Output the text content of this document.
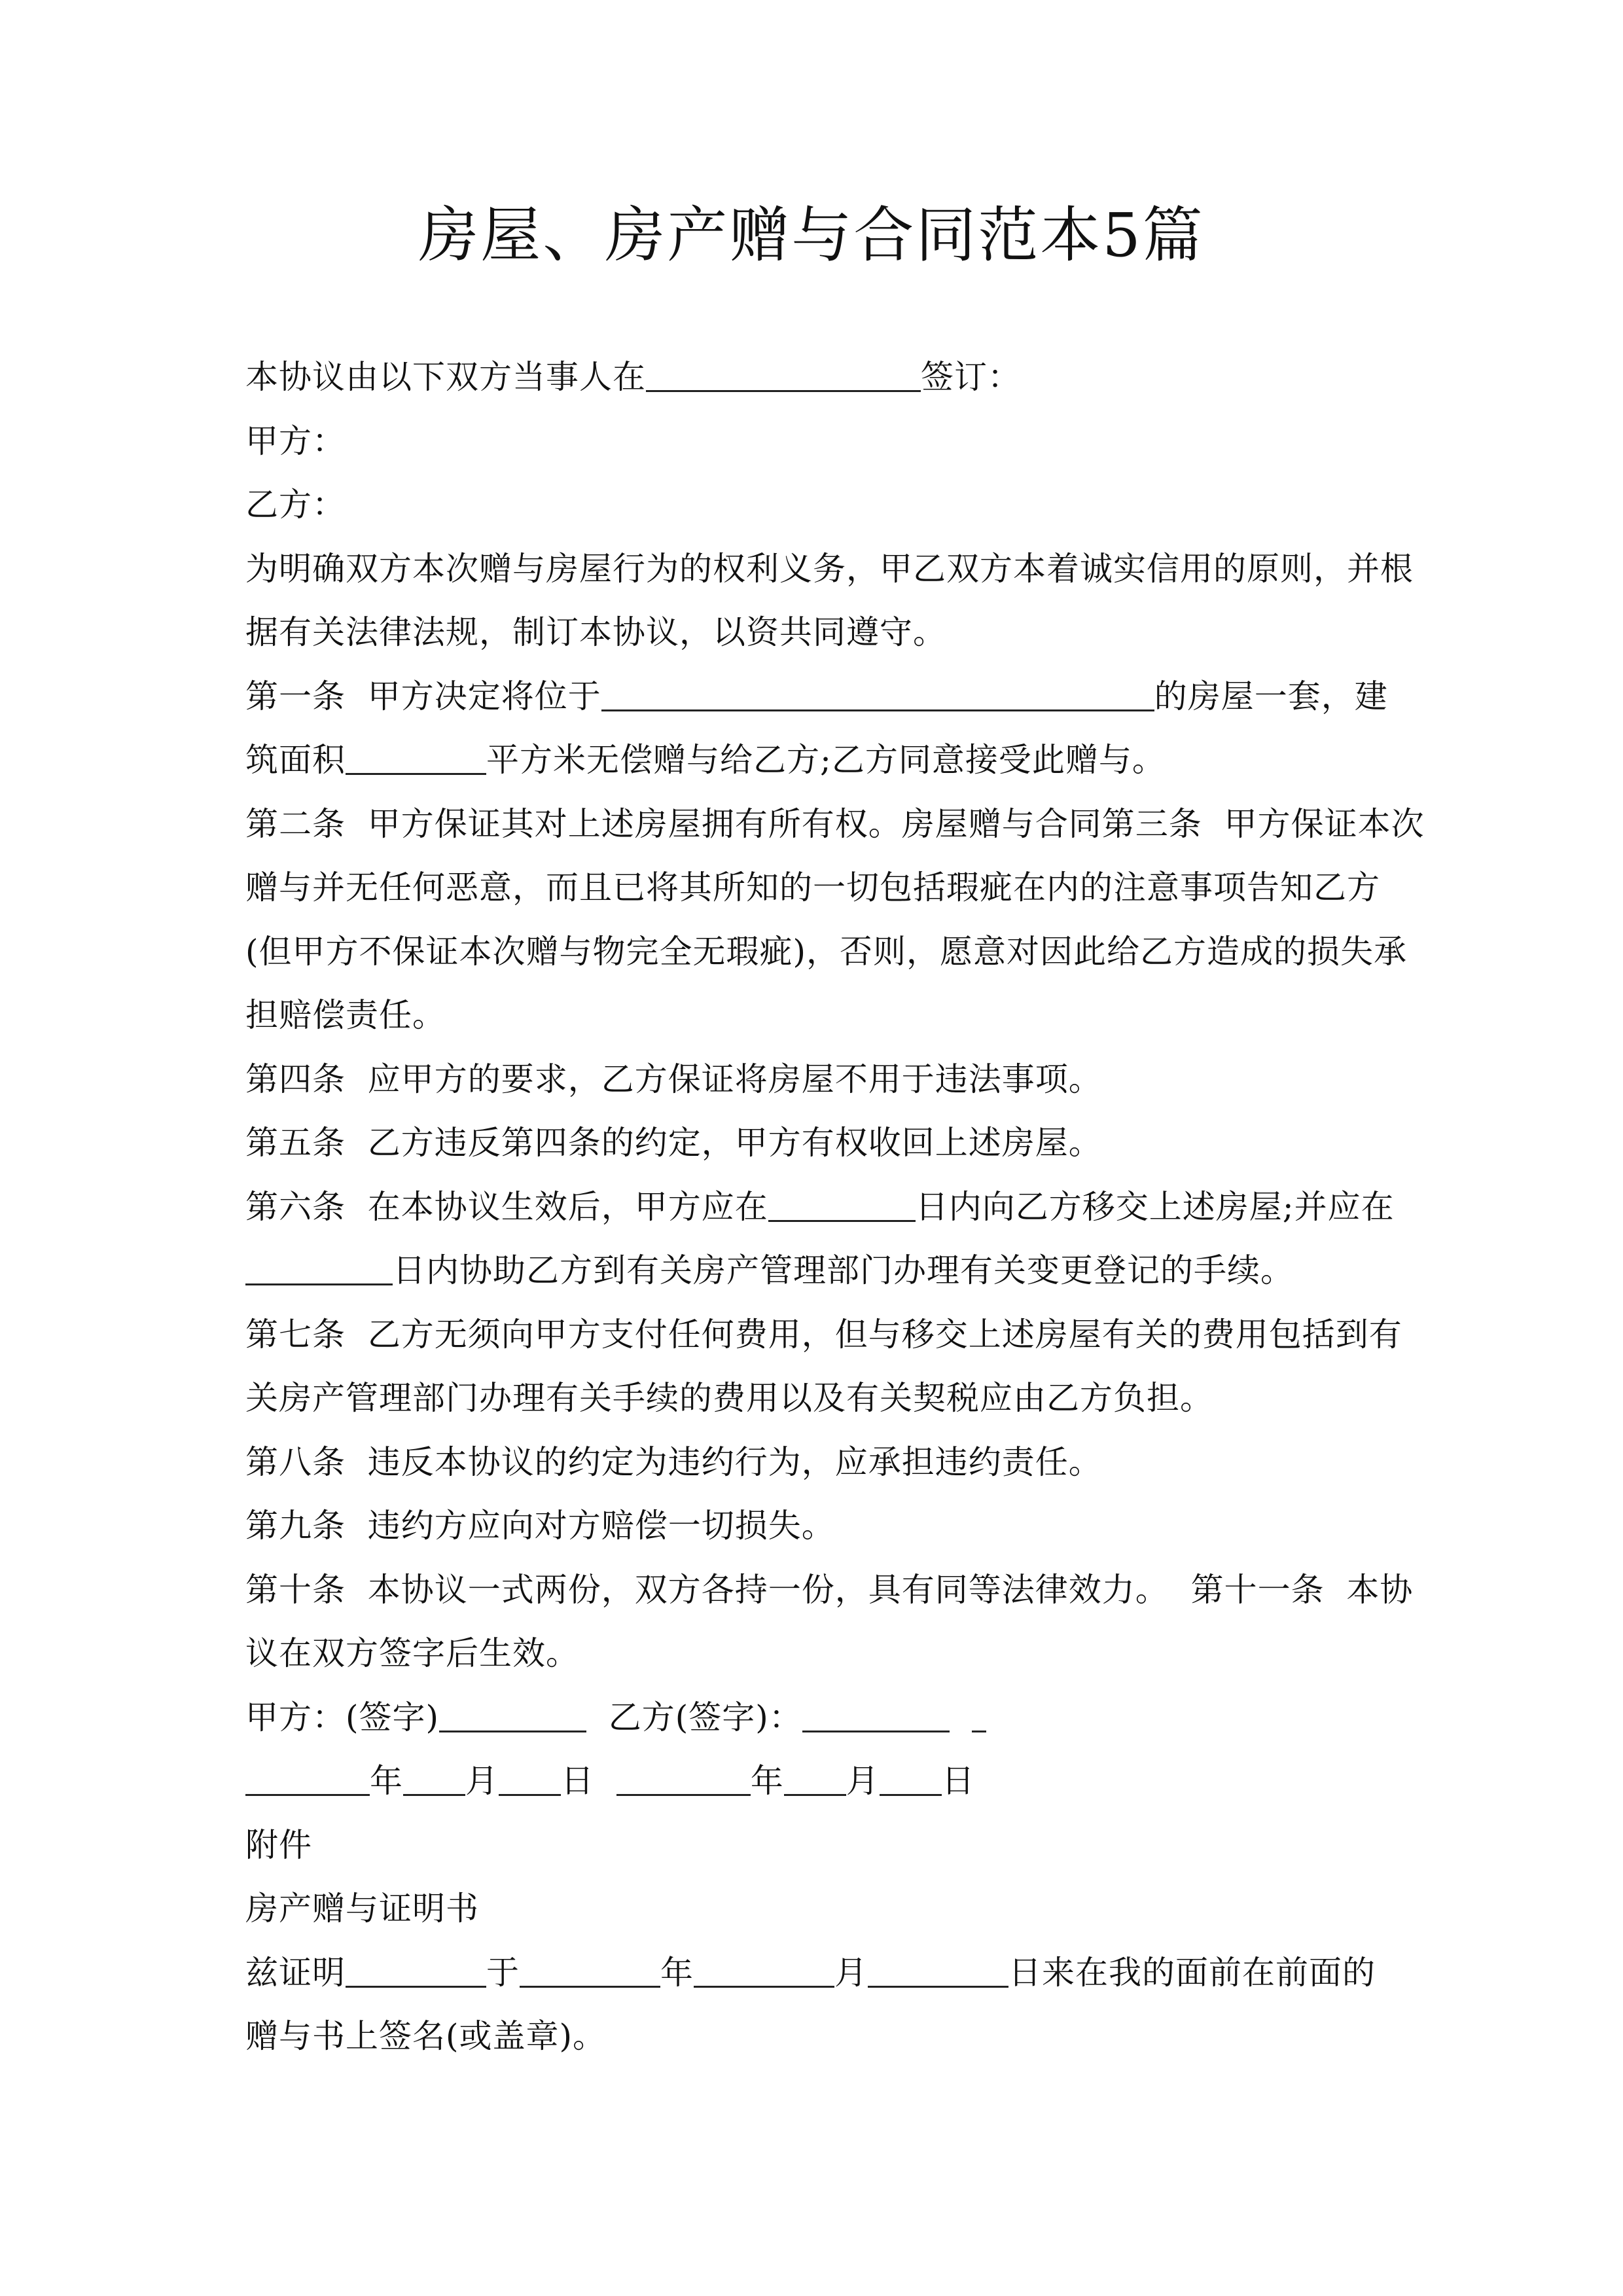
房屋、房产赠与合同范本5篇
本协议由以下双方当事人在	签订：
甲方：
乙方：
为明确双方本次赠与房屋行为的权利义务，甲乙双方本着诚实信用的原则，并根
据有关法律法规，制订本协议，以资共同遵守。
第一条  甲方决定将位于	的房屋一套，建
筑面积	平方米无偿赠与给乙方;乙方同意接受此赠与。
第二条  甲方保证其对上述房屋拥有所有权。房屋赠与合同第三条  甲方保证本次
赠与并无任何恶意，而且已将其所知的一切包括瑕疵在内的注意事项告知乙方
(但甲方不保证本次赠与物完全无瑕疵)，否则，愿意对因此给乙方造成的损失承
担赔偿责任。
第四条  应甲方的要求，乙方保证将房屋不用于违法事项。
第五条  乙方违反第四条的约定，甲方有权收回上述房屋。
第六条  在本协议生效后，甲方应在	日内向乙方移交上述房屋;并应在
日内协助乙方到有关房产管理部门办理有关变更登记的手续。
第七条  乙方无须向甲方支付任何费用，但与移交上述房屋有关的费用包括到有
关房产管理部门办理有关手续的费用以及有关契税应由乙方负担。
第八条  违反本协议的约定为违约行为，应承担违约责任。
第九条  违约方应向对方赔偿一切损失。
第十条  本协议一式两份，双方各持一份，具有同等法律效力。  第十一条  本协
议在双方签字后生效。
甲方：(签字)	乙方(签字)：
年 月 日	年 月 日
附件
房产赠与证明书
兹证明	于	年	月	日来在我的面前在前面的
赠与书上签名(或盖章)。
